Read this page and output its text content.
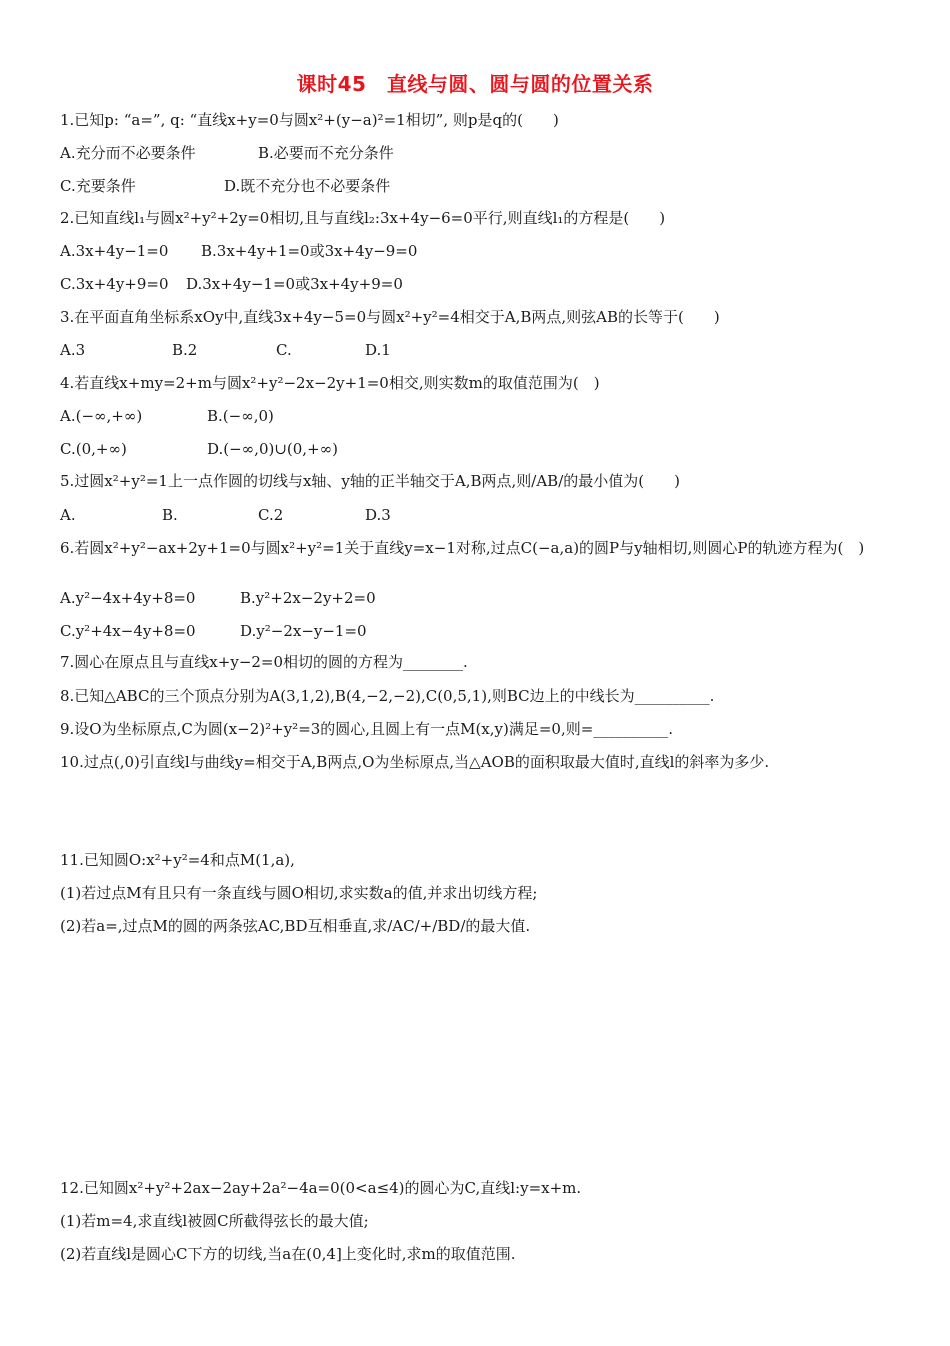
课时45　直线与圆、圆与圆的位置关系
1.已知p: “a=”, q: “直线x+y=0与圆x²+(y−a)²=1相切”, 则p是q的(　　)
2.已知直线l₁与圆x²+y²+2y=0相切,且与直线l₂:3x+4y−6=0平行,则直线l₁的方程是(　　)
3.在平面直角坐标系xOy中,直线3x+4y−5=0与圆x²+y²=4相交于A,B两点,则弦AB的长等于(　　)
4.若直线x+my=2+m与圆x²+y²−2x−2y+1=0相交,则实数m的取值范围为(　)
5.过圆x²+y²=1上一点作圆的切线与x轴、y轴的正半轴交于A,B两点,则/AB/的最小值为(　　)
7.圆心在原点且与直线x+y−2=0相切的圆的方程为________.
8.已知△ABC的三个顶点分别为A(3,1,2),B(4,−2,−2),C(0,5,1),则BC边上的中线长为__________.
9.设O为坐标原点,C为圆(x−2)²+y²=3的圆心,且圆上有一点M(x,y)满足=0,则=__________.
10.过点(,0)引直线l与曲线y=相交于A,B两点,O为坐标原点,当△AOB的面积取最大值时,直线l的斜率为多少.
11.已知圆O:x²+y²=4和点M(1,a),
(1)若过点M有且只有一条直线与圆O相切,求实数a的值,并求出切线方程;
(2)若a=,过点M的圆的两条弦AC,BD互相垂直,求/AC/+/BD/的最大值.
12.已知圆x²+y²+2ax−2ay+2a²−4a=0(0<a≤4)的圆心为C,直线l:y=x+m.
(1)若m=4,求直线l被圆C所截得弦长的最大值;
(2)若直线l是圆心C下方的切线,当a在(0,4]上变化时,求m的取值范围.
A.充分而不必要条件	B.必要而不充分条件
C.充要条件	D.既不充分也不必要条件
A.3x+4y−1=0 B.3x+4y+1=0或3x+4y−9=0
C.3x+4y+9=0 D.3x+4y−1=0或3x+4y+9=0
A.3	B.2	C.	D.1
A.(−∞,+∞)	B.(−∞,0)
C.(0,+∞)	D.(−∞,0)∪(0,+∞)
A.	B.	C.2	D.3
A.y²−4x+4y+8=0	B.y²+2x−2y+2=0
C.y²+4x−4y+8=0	D.y²−2x−y−1=0
6.若圆x²+y²−ax+2y+1=0与圆x²+y²=1关于直线y=x−1对称,过点C(−a,a)的圆P与y轴相切,则圆心P的轨迹方程为(　)
